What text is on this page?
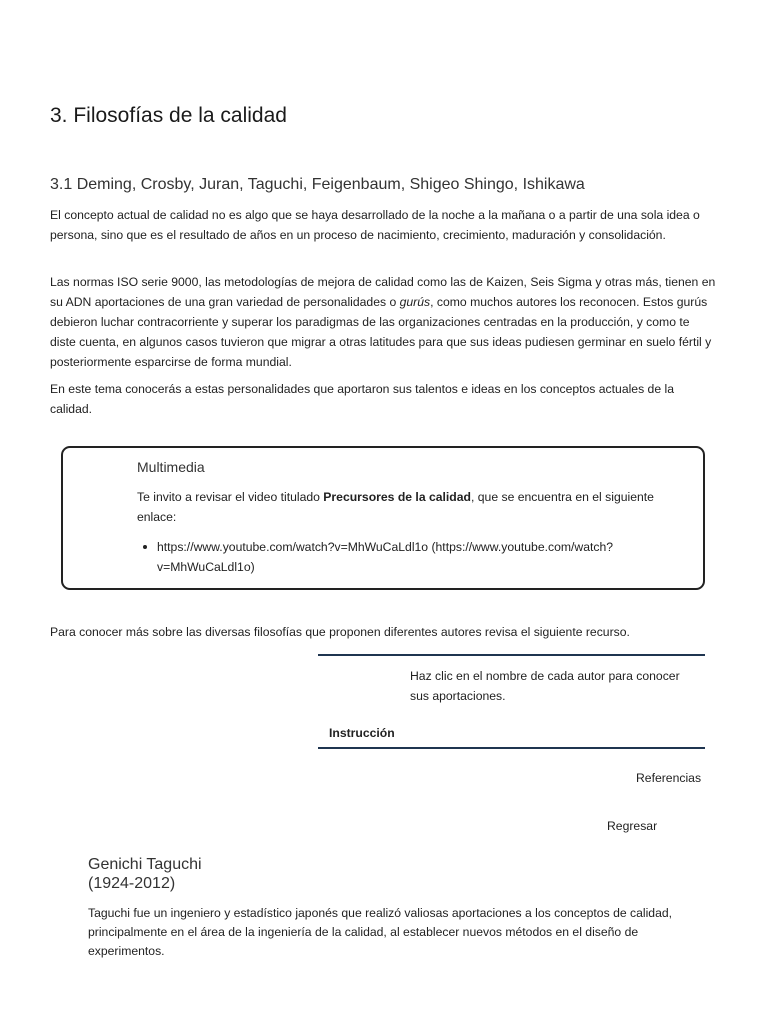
3. Filosofías de la calidad
3.1 Deming, Crosby, Juran, Taguchi, Feigenbaum, Shigeo Shingo, Ishikawa

El concepto actual de calidad no es algo que se haya desarrollado de la noche a la mañana o a partir de una sola idea o persona, sino que es el resultado de años en un proceso de nacimiento, crecimiento, maduración y consolidación.

Las normas ISO serie 9000, las metodologías de mejora de calidad como las de Kaizen, Seis Sigma y otras más, tienen en su ADN aportaciones de una gran variedad de personalidades o gurús, como muchos autores los reconocen. Estos gurús debieron luchar contracorriente y superar los paradigmas de las organizaciones centradas en la producción, y como te diste cuenta, en algunos casos tuvieron que migrar a otras latitudes para que sus ideas pudiesen germinar en suelo fértil y posteriormente esparcirse de forma mundial.

En este tema conocerás a estas personalidades que aportaron sus talentos e ideas en los conceptos actuales de la calidad.

Multimedia

Te invito a revisar el video titulado Precursores de la calidad, que se encuentra en el siguiente enlace:

https://www.youtube.com/watch?v=MhWuCaLdl1o (https://www.youtube.com/watch?v=MhWuCaLdl1o)

Para conocer más sobre las diversas filosofías que proponen diferentes autores revisa el siguiente recurso.

Haz clic en el nombre de cada autor para conocer sus aportaciones.

Instrucción

Referencias
Regresar
Genichi Taguchi
(1924-2012)

Taguchi fue un ingeniero y estadístico japonés que realizó valiosas aportaciones a los conceptos de calidad, principalmente en el área de la ingeniería de la calidad, al establecer nuevos métodos en el diseño de experimentos.
